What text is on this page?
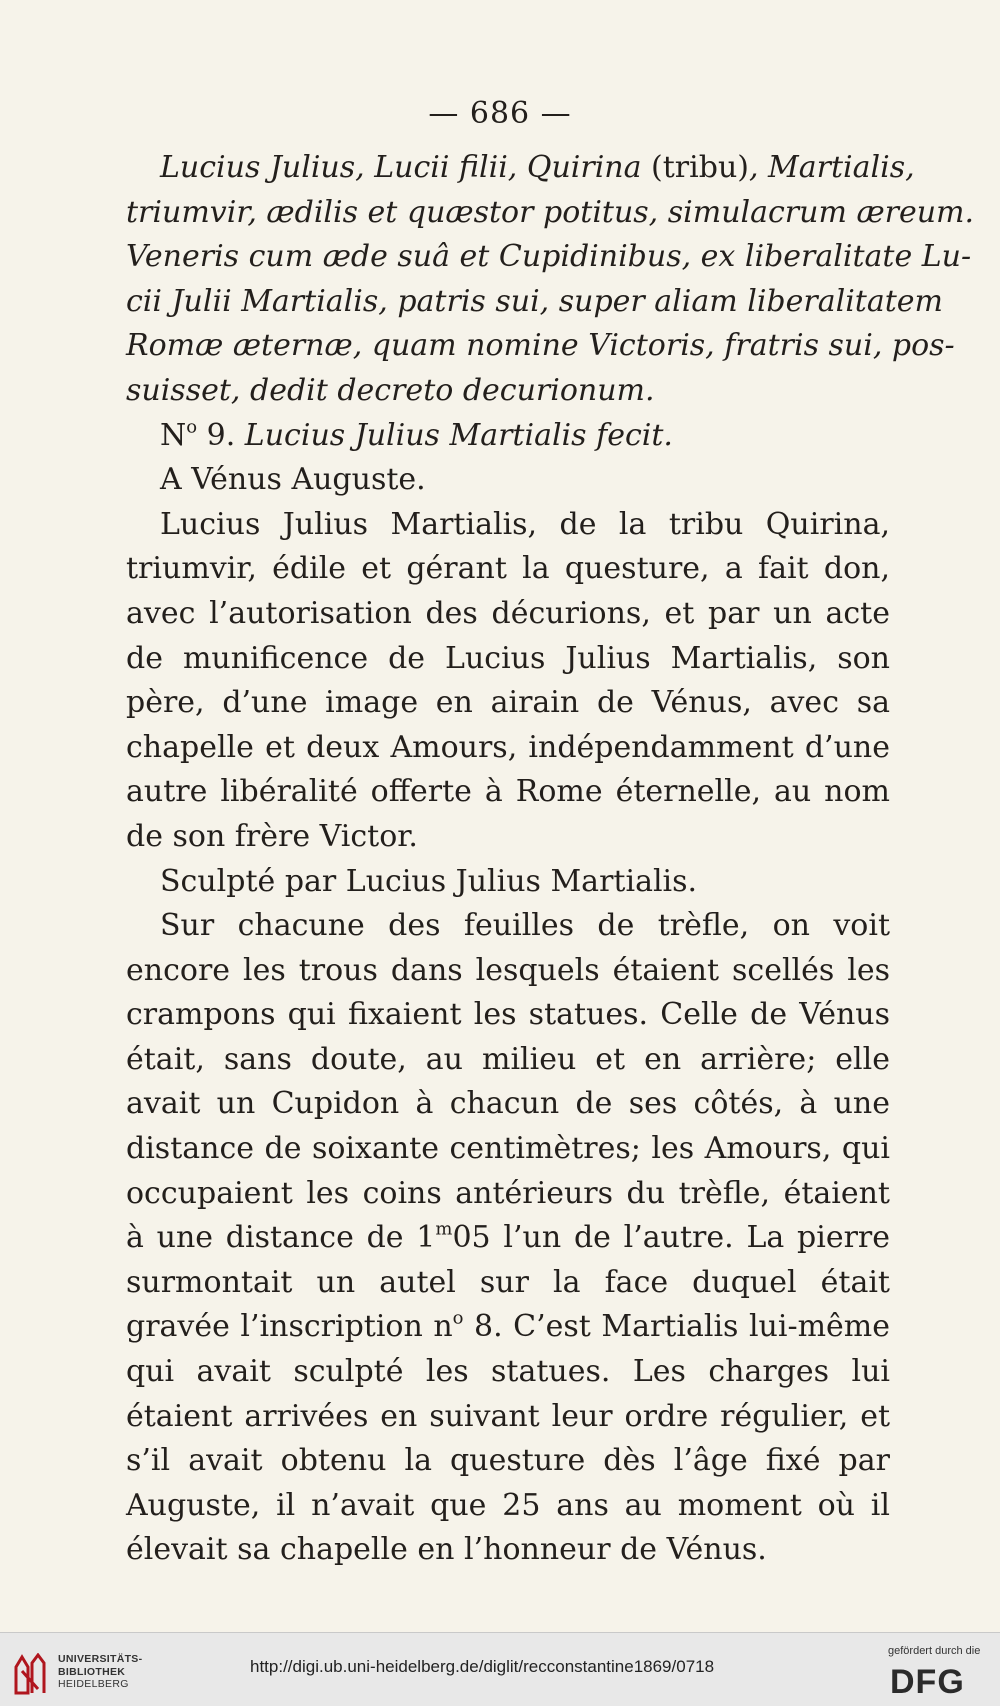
— 686 —
Lucius Julius, Lucii filii, Quirina (tribu), Martialis,
triumvir, ædilis et quæstor potitus, simulacrum æreum.
Veneris cum æde suâ et Cupidinibus, ex liberalitate Lu-
cii Julii Martialis, patris sui, super aliam liberalitatem
Romæ æternæ, quam nomine Victoris, fratris sui, pos-
suisset, dedit decreto decurionum.

$N^o$ 9. Lucius Julius Martialis fecit.

A Vénus Auguste.

Lucius Julius Martialis, de la tribu Quirina, triumvir, édile et gérant la questure, a fait don, avec l’autorisation des décurions, et par un acte de munificence de Lucius Julius Martialis, son père, d’une image en airain de Vénus, avec sa chapelle et deux Amours, indépendamment d’une autre libéralité offerte à Rome éternelle, au nom de son frère Victor.

Sculpté par Lucius Julius Martialis.

Sur chacune des feuilles de trèfle, on voit encore les trous dans lesquels étaient scellés les crampons qui fixaient les statues. Celle de Vénus était, sans doute, au milieu et en arrière; elle avait un Cupidon à chacun de ses côtés, à une distance de soixante centimètres; les Amours, qui occupaient les coins antérieurs du trèfle, étaient à une distance de 1$^m$05 l’un de l’autre. La pierre surmontait un autel sur la face duquel était gravée l’inscription $n^o$ 8. C’est Martialis lui-même qui avait sculpté les statues. Les charges lui étaient arrivées en suivant leur ordre régulier, et s’il avait obtenu la questure dès l’âge fixé par Auguste, il n’avait que 25 ans au moment où il élevait sa chapelle en l’honneur de Vénus.

UNIVERSITÄTS-
BIBLIOTHEK
HEIDELBERG
http://digi.ub.uni-heidelberg.de/diglit/recconstantine1869/0718
gefördert durch die
DFG
